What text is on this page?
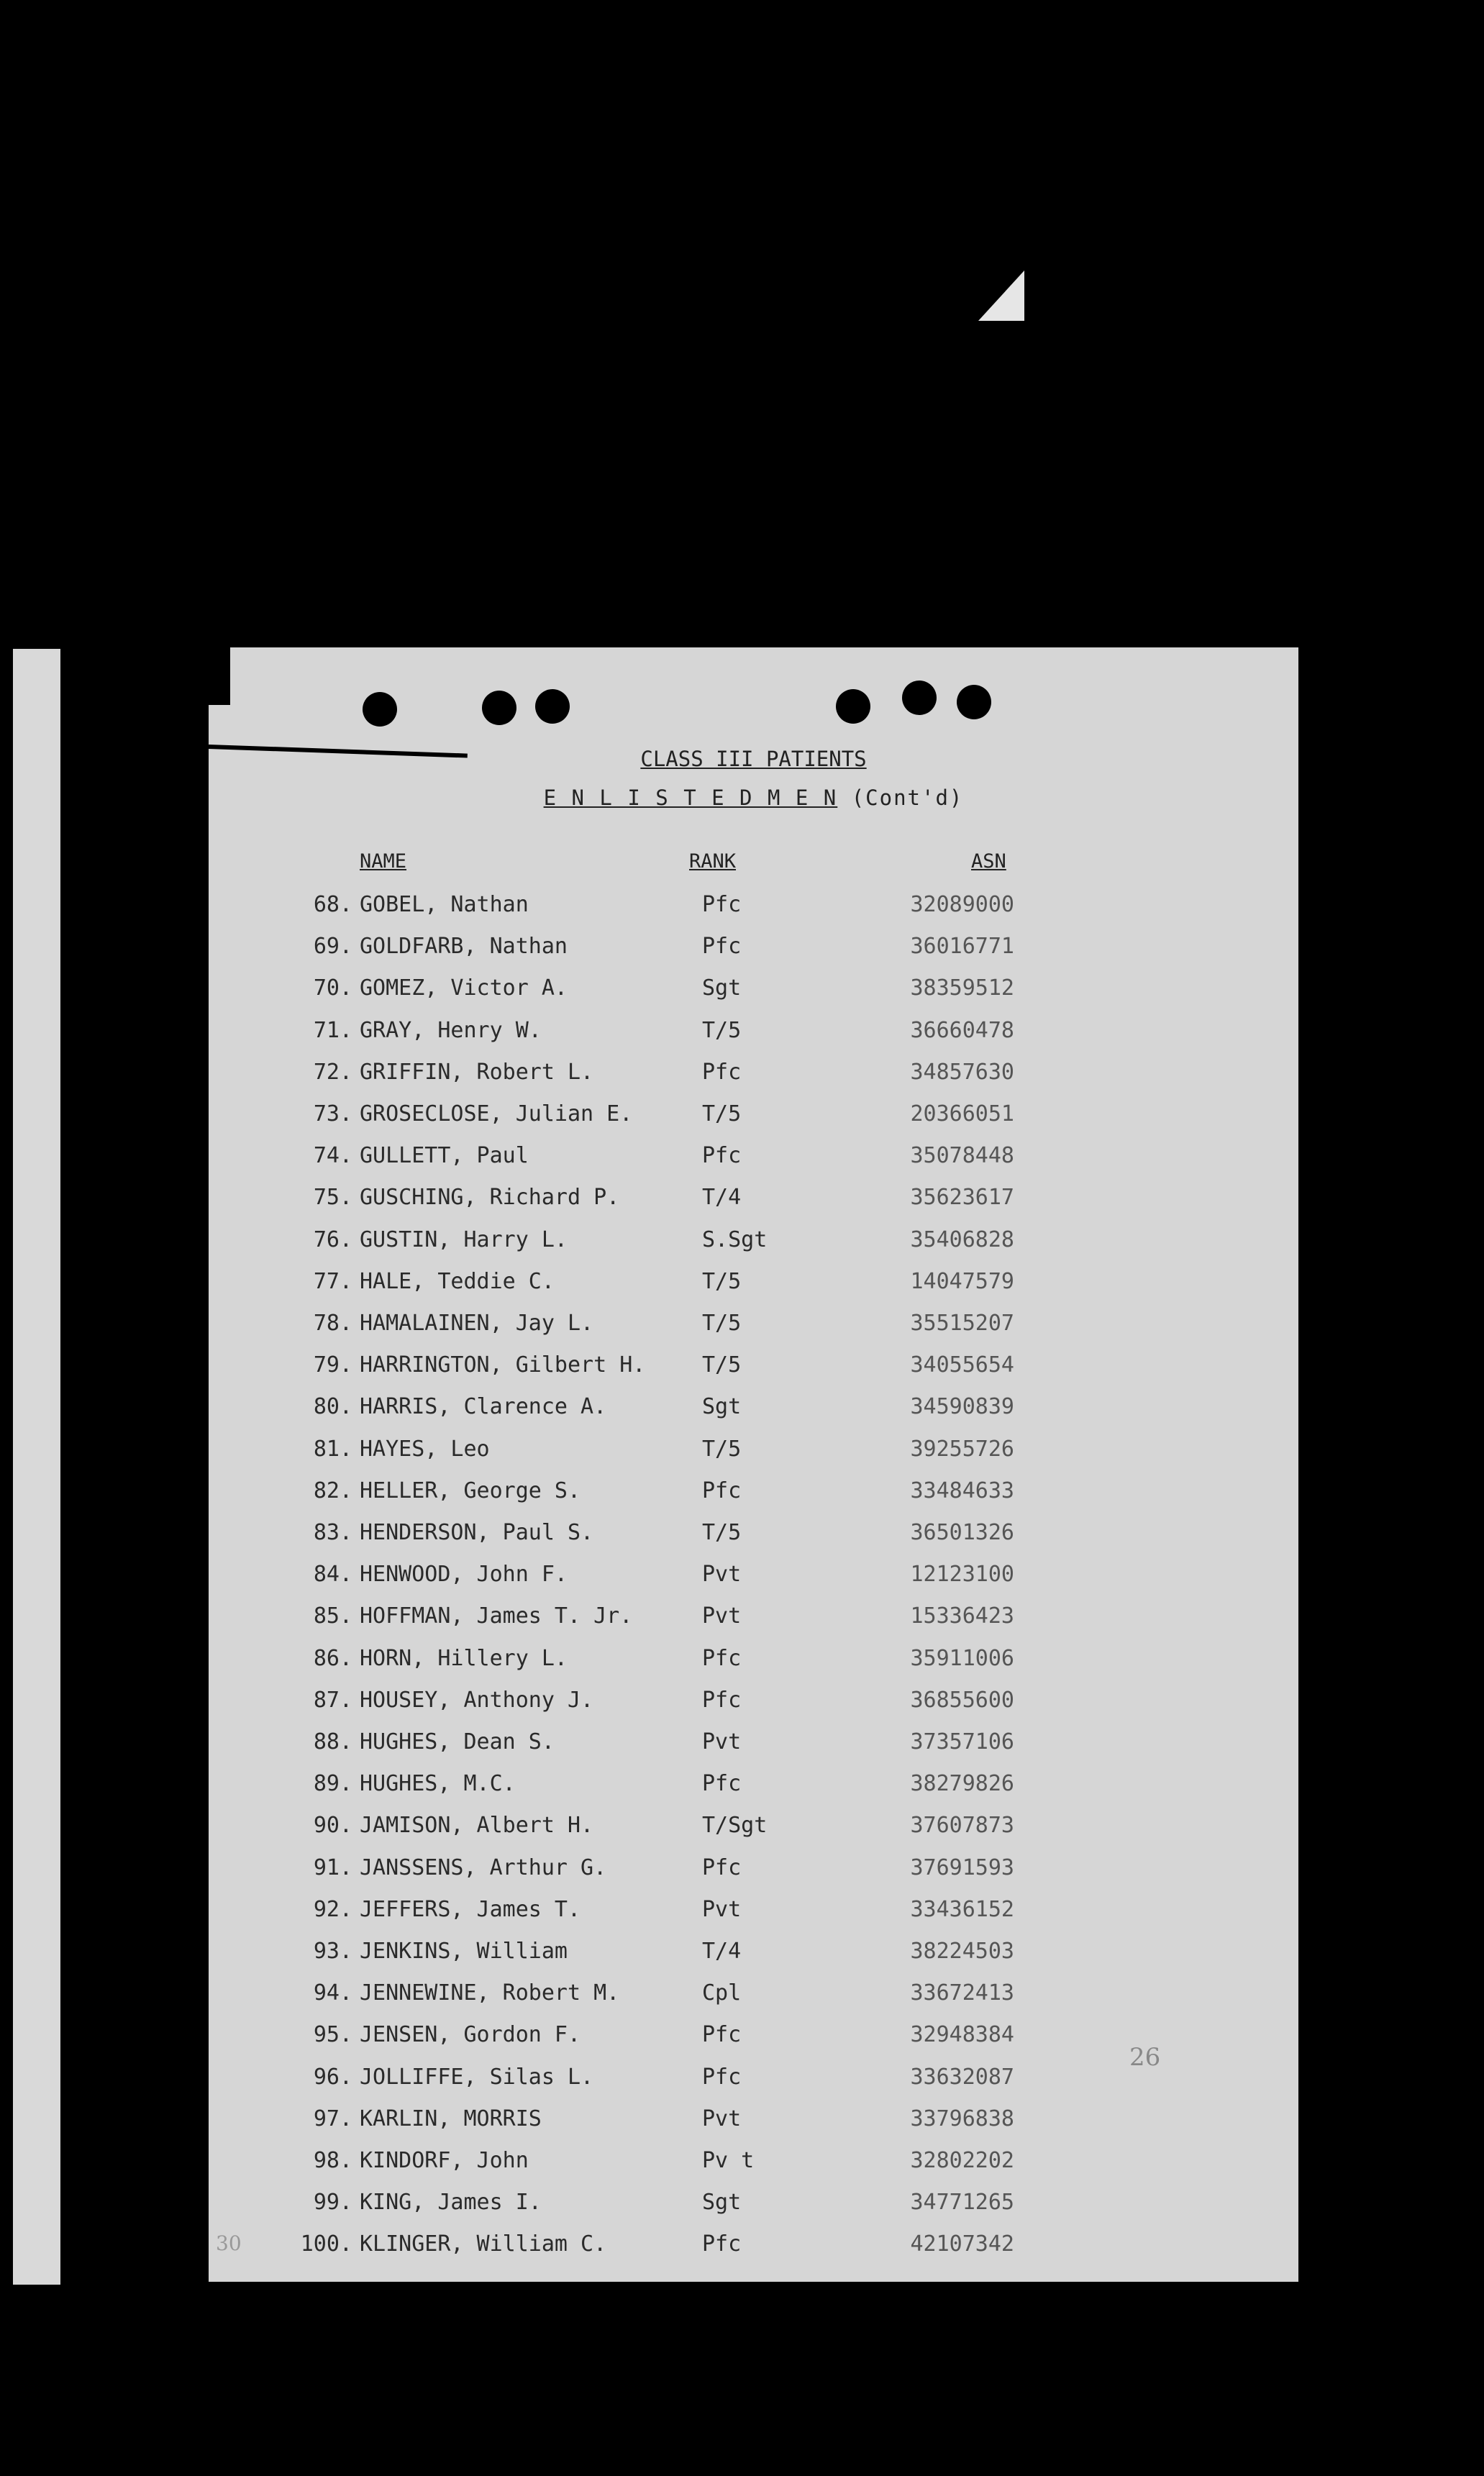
CLASS III PATIENTS
E N L I S T E D M E N (Cont'd)
NAME	RANK	ASN
68. GOBEL, Nathan	Pfc	32089000
69. GOLDFARB, Nathan	Pfc	36016771
70. GOMEZ, Victor A.	Sgt	38359512
71. GRAY, Henry W.	T/5	36660478
72. GRIFFIN, Robert L.	Pfc	34857630
73. GROSECLOSE, Julian E.	T/5	20366051
74. GULLETT, Paul	Pfc	35078448
75. GUSCHING, Richard P.	T/4	35623617
76. GUSTIN, Harry L.	S.Sgt	35406828
77. HALE, Teddie C.	T/5	14047579
78. HAMALAINEN, Jay L.	T/5	35515207
79. HARRINGTON, Gilbert H.	T/5	34055654
80. HARRIS, Clarence A.	Sgt	34590839
81. HAYES, Leo	T/5	39255726
82. HELLER, George S.	Pfc	33484633
83. HENDERSON, Paul S.	T/5	36501326
84. HENWOOD, John F.	Pvt	12123100
85. HOFFMAN, James T. Jr.	Pvt	15336423
86. HORN, Hillery L.	Pfc	35911006
87. HOUSEY, Anthony J.	Pfc	36855600
88. HUGHES, Dean S.	Pvt	37357106
89. HUGHES, M.C.	Pfc	38279826
90. JAMISON, Albert H.	T/Sgt	37607873
91. JANSSENS, Arthur G.	Pfc	37691593
92. JEFFERS, James T.	Pvt	33436152
93. JENKINS, William	T/4	38224503
94. JENNEWINE, Robert M.	Cpl	33672413
95. JENSEN, Gordon F.	Pfc	32948384
96. JOLLIFFE, Silas L.	Pfc	33632087
97. KARLIN, MORRIS	Pvt	33796838
98. KINDORF, John	Pv t	32802202
99. KING, James I.	Sgt	34771265
100. KLINGER, William C.	Pfc	42107342
26
30
